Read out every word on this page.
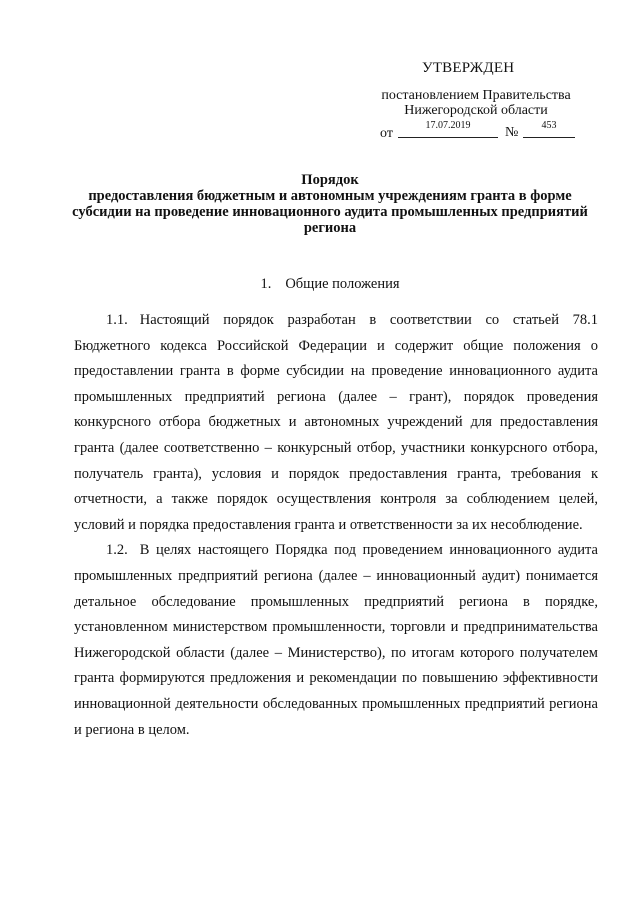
УТВЕРЖДЕН
постановлением Правительства
Нижегородской области
от
17.07.2019	№	453
Порядок
предоставления бюджетным и автономным учреждениям гранта в форме субсидии на проведение инновационного аудита промышленных предприятий региона
1. Общие положения

1.1. Настоящий порядок разработан в соответствии со статьей 78.1 Бюджетного кодекса Российской Федерации и содержит общие положения о предоставлении гранта в форме субсидии на проведение инновационного аудита промышленных предприятий региона (далее – грант), порядок проведения конкурсного отбора бюджетных и автономных учреждений для предоставления гранта (далее соответственно – конкурсный отбор, участники конкурсного отбора, получатель гранта), условия и порядок предоставления гранта, требования к отчетности, а также порядок осуществления контроля за соблюдением целей, условий и порядка предоставления гранта и ответственности за их несоблюдение.

1.2. В целях настоящего Порядка под проведением инновационного аудита промышленных предприятий региона (далее – инновационный аудит) понимается детальное обследование промышленных предприятий региона в порядке, установленном министерством промышленности, торговли и предпринимательства Нижегородской области (далее – Министерство), по итогам которого получателем гранта формируются предложения и рекомендации по повышению эффективности инновационной деятельности обследованных промышленных предприятий региона и региона в целом.
